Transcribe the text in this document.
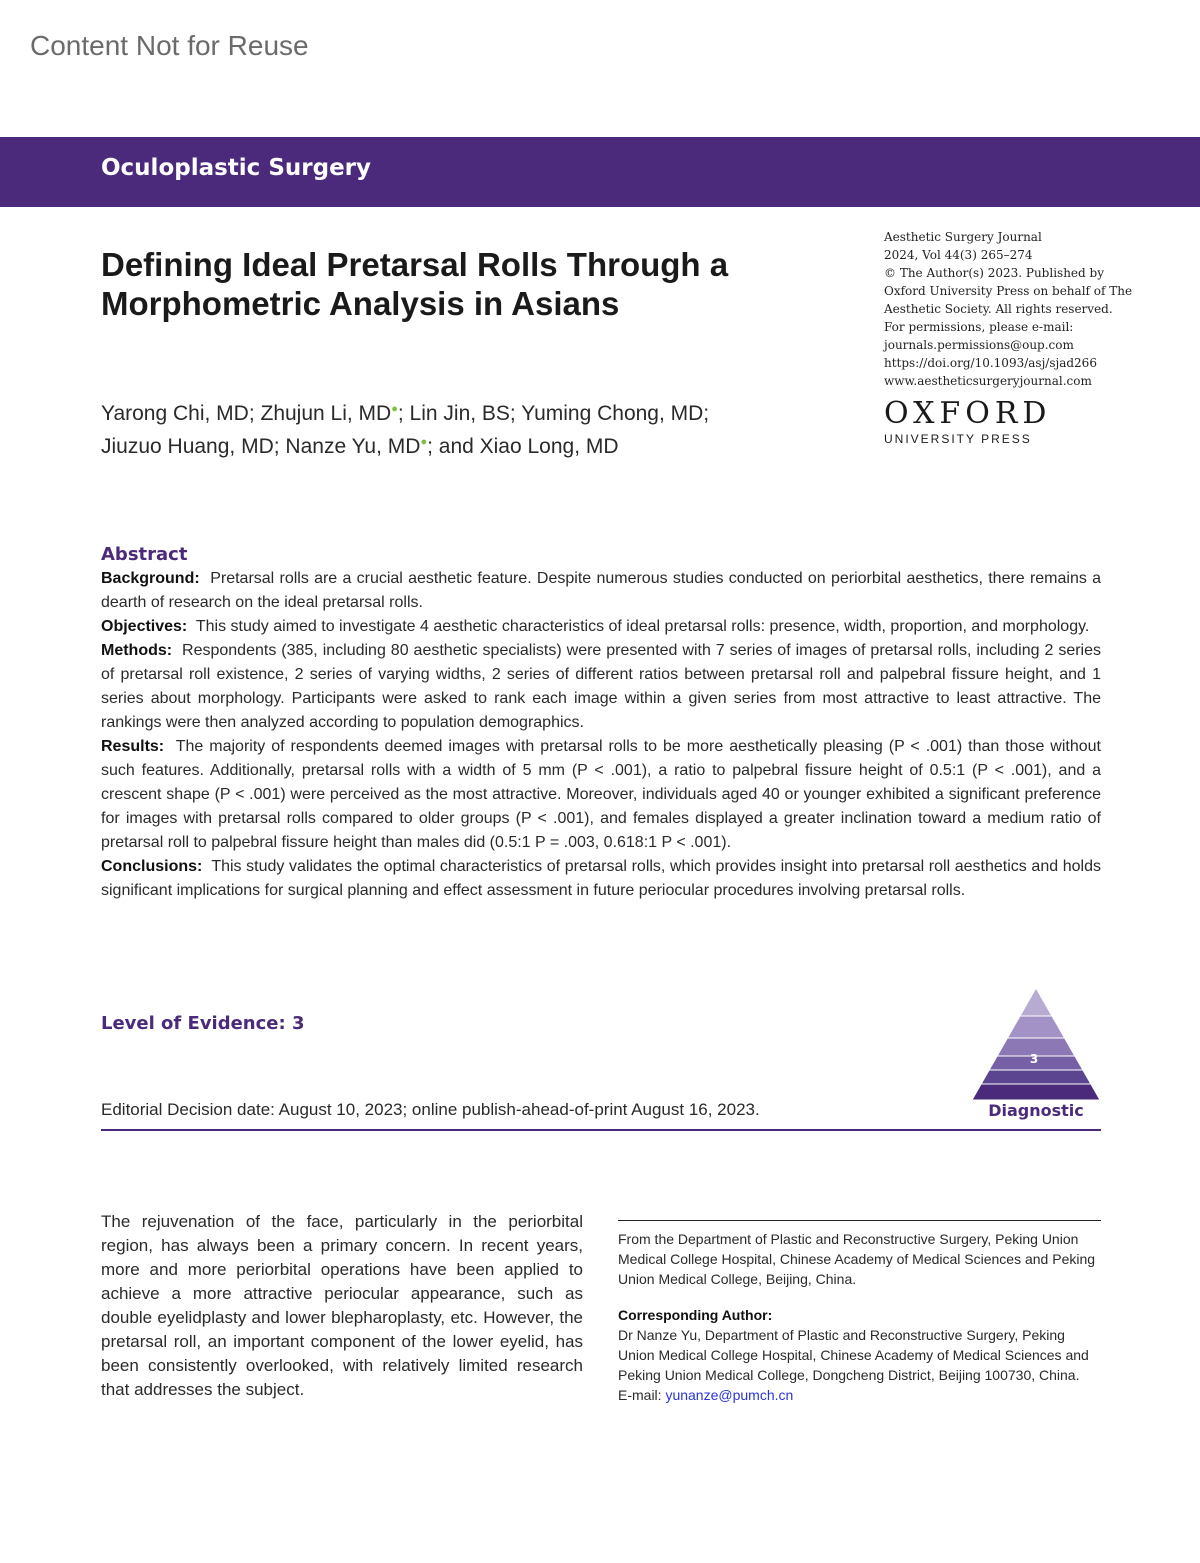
Content Not for Reuse
Oculoplastic Surgery
Defining Ideal Pretarsal Rolls Through a Morphometric Analysis in Asians
Yarong Chi, MD; Zhujun Li, MD●; Lin Jin, BS; Yuming Chong, MD;
Jiuzuo Huang, MD; Nanze Yu, MD●; and Xiao Long, MD
Aesthetic Surgery Journal
2024, Vol 44(3) 265–274
© The Author(s) 2023. Published by
Oxford University Press on behalf of The
Aesthetic Society. All rights reserved.
For permissions, please e-mail:
journals.permissions@oup.com
https://doi.org/10.1093/asj/sjad266
www.aestheticsurgeryjournal.com
OXFORD
UNIVERSITY PRESS
Abstract

Background: Pretarsal rolls are a crucial aesthetic feature. Despite numerous studies conducted on periorbital aesthetics, there remains a dearth of research on the ideal pretarsal rolls.

Objectives: This study aimed to investigate 4 aesthetic characteristics of ideal pretarsal rolls: presence, width, proportion, and morphology.

Methods: Respondents (385, including 80 aesthetic specialists) were presented with 7 series of images of pretarsal rolls, including 2 series of pretarsal roll existence, 2 series of varying widths, 2 series of different ratios between pretarsal roll and palpebral fissure height, and 1 series about morphology. Participants were asked to rank each image within a given series from most attractive to least attractive. The rankings were then analyzed according to population demographics.

Results: The majority of respondents deemed images with pretarsal rolls to be more aesthetically pleasing (P < .001) than those without such features. Additionally, pretarsal rolls with a width of 5 mm (P < .001), a ratio to palpebral fissure height of 0.5:1 (P < .001), and a crescent shape (P < .001) were perceived as the most attractive. Moreover, individuals aged 40 or younger exhibited a significant preference for images with pretarsal rolls compared to older groups (P < .001), and females displayed a greater inclination toward a medium ratio of pretarsal roll to palpebral fissure height than males did (0.5:1 P = .003, 0.618:1 P < .001).

Conclusions: This study validates the optimal characteristics of pretarsal rolls, which provides insight into pretarsal roll aesthetics and holds significant implications for surgical planning and effect assessment in future periocular procedures involving pretarsal rolls.

Level of Evidence: 3
3
Diagnostic
Editorial Decision date: August 10, 2023; online publish-ahead-of-print August 16, 2023.

The rejuvenation of the face, particularly in the periorbital region, has always been a primary concern. In recent years, more and more periorbital operations have been applied to achieve a more attractive periocular appearance, such as double eyelidplasty and lower blepharoplasty, etc. However, the pretarsal roll, an important component of the lower eyelid, has been consistently overlooked, with relatively limited research that addresses the subject.

From the Department of Plastic and Reconstructive Surgery, Peking Union Medical College Hospital, Chinese Academy of Medical Sciences and Peking Union Medical College, Beijing, China.

Corresponding Author:

Dr Nanze Yu, Department of Plastic and Reconstructive Surgery, Peking Union Medical College Hospital, Chinese Academy of Medical Sciences and Peking Union Medical College, Dongcheng District, Beijing 100730, China.

E-mail: yunanze@pumch.cn
